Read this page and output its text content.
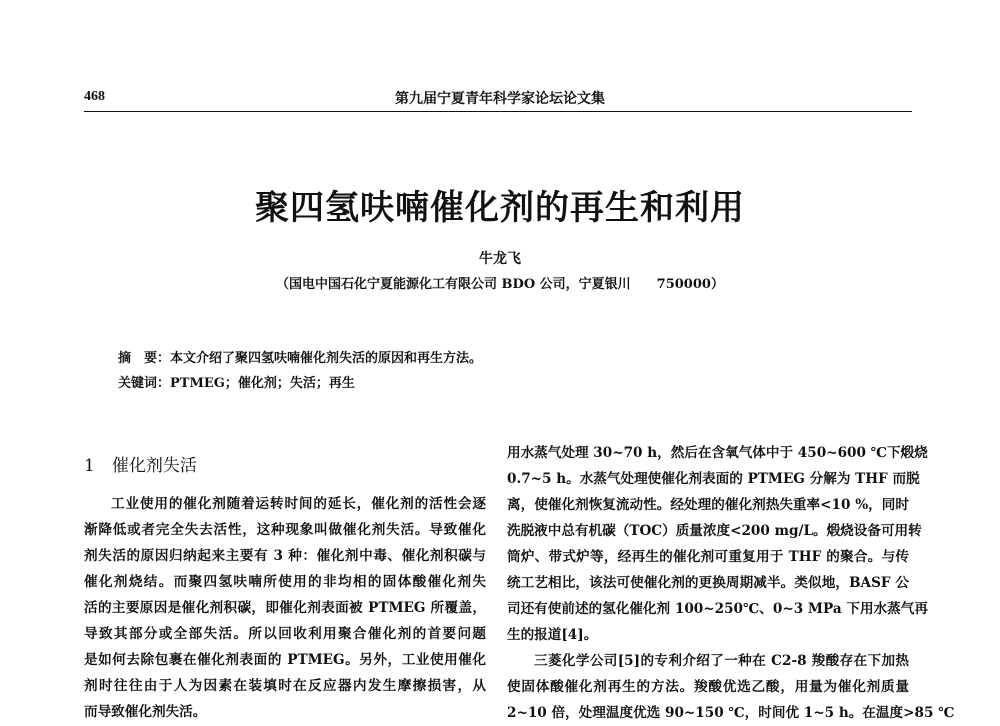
468	第九届宁夏青年科学家论坛论文集
聚四氢呋喃催化剂的再生和利用
牛龙飞
（国电中国石化宁夏能源化工有限公司 BDO 公司，宁夏银川　　750000）
摘　要：本文介绍了聚四氢呋喃催化剂失活的原因和再生方法。
关键词：PTMEG；催化剂；失活；再生
1　催化剂失活
工业使用的催化剂随着运转时间的延长，催化剂的活性会逐
渐降低或者完全失去活性，这种现象叫做催化剂失活。导致催化
剂失活的原因归纳起来主要有 3 种：催化剂中毒、催化剂积碳与
催化剂烧结。而聚四氢呋喃所使用的非均相的固体酸催化剂失
活的主要原因是催化剂积碳，即催化剂表面被 PTMEG 所覆盖，
导致其部分或全部失活。所以回收利用聚合催化剂的首要问题
是如何去除包裹在催化剂表面的 PTMEG。另外，工业使用催化
剂时往往由于人为因素在装填时在反应器内发生摩擦损害，从
而导致催化剂失活。
用水蒸气处理 30~70 h，然后在含氧气体中于 450~600 ℃下煅烧
0.7~5 h。水蒸气处理使催化剂表面的 PTMEG 分解为 THF 而脱
离，使催化剂恢复流动性。经处理的催化剂热失重率<10 %，同时
洗脱液中总有机碳（TOC）质量浓度<200 mg/L。煅烧设备可用转
筒炉、带式炉等，经再生的催化剂可重复用于 THF 的聚合。与传
统工艺相比，该法可使催化剂的更换周期减半。类似地，BASF 公
司还有使前述的氢化催化剂 100~250℃、0~3 MPa 下用水蒸气再
生的报道[4]。
三菱化学公司[5]的专利介绍了一种在 C2-8 羧酸存在下加热
使固体酸催化剂再生的方法。羧酸优选乙酸，用量为催化剂质量
2~10 倍，处理温度优选 90~150 ℃，时间优 1~5 h。在温度>85 ℃
